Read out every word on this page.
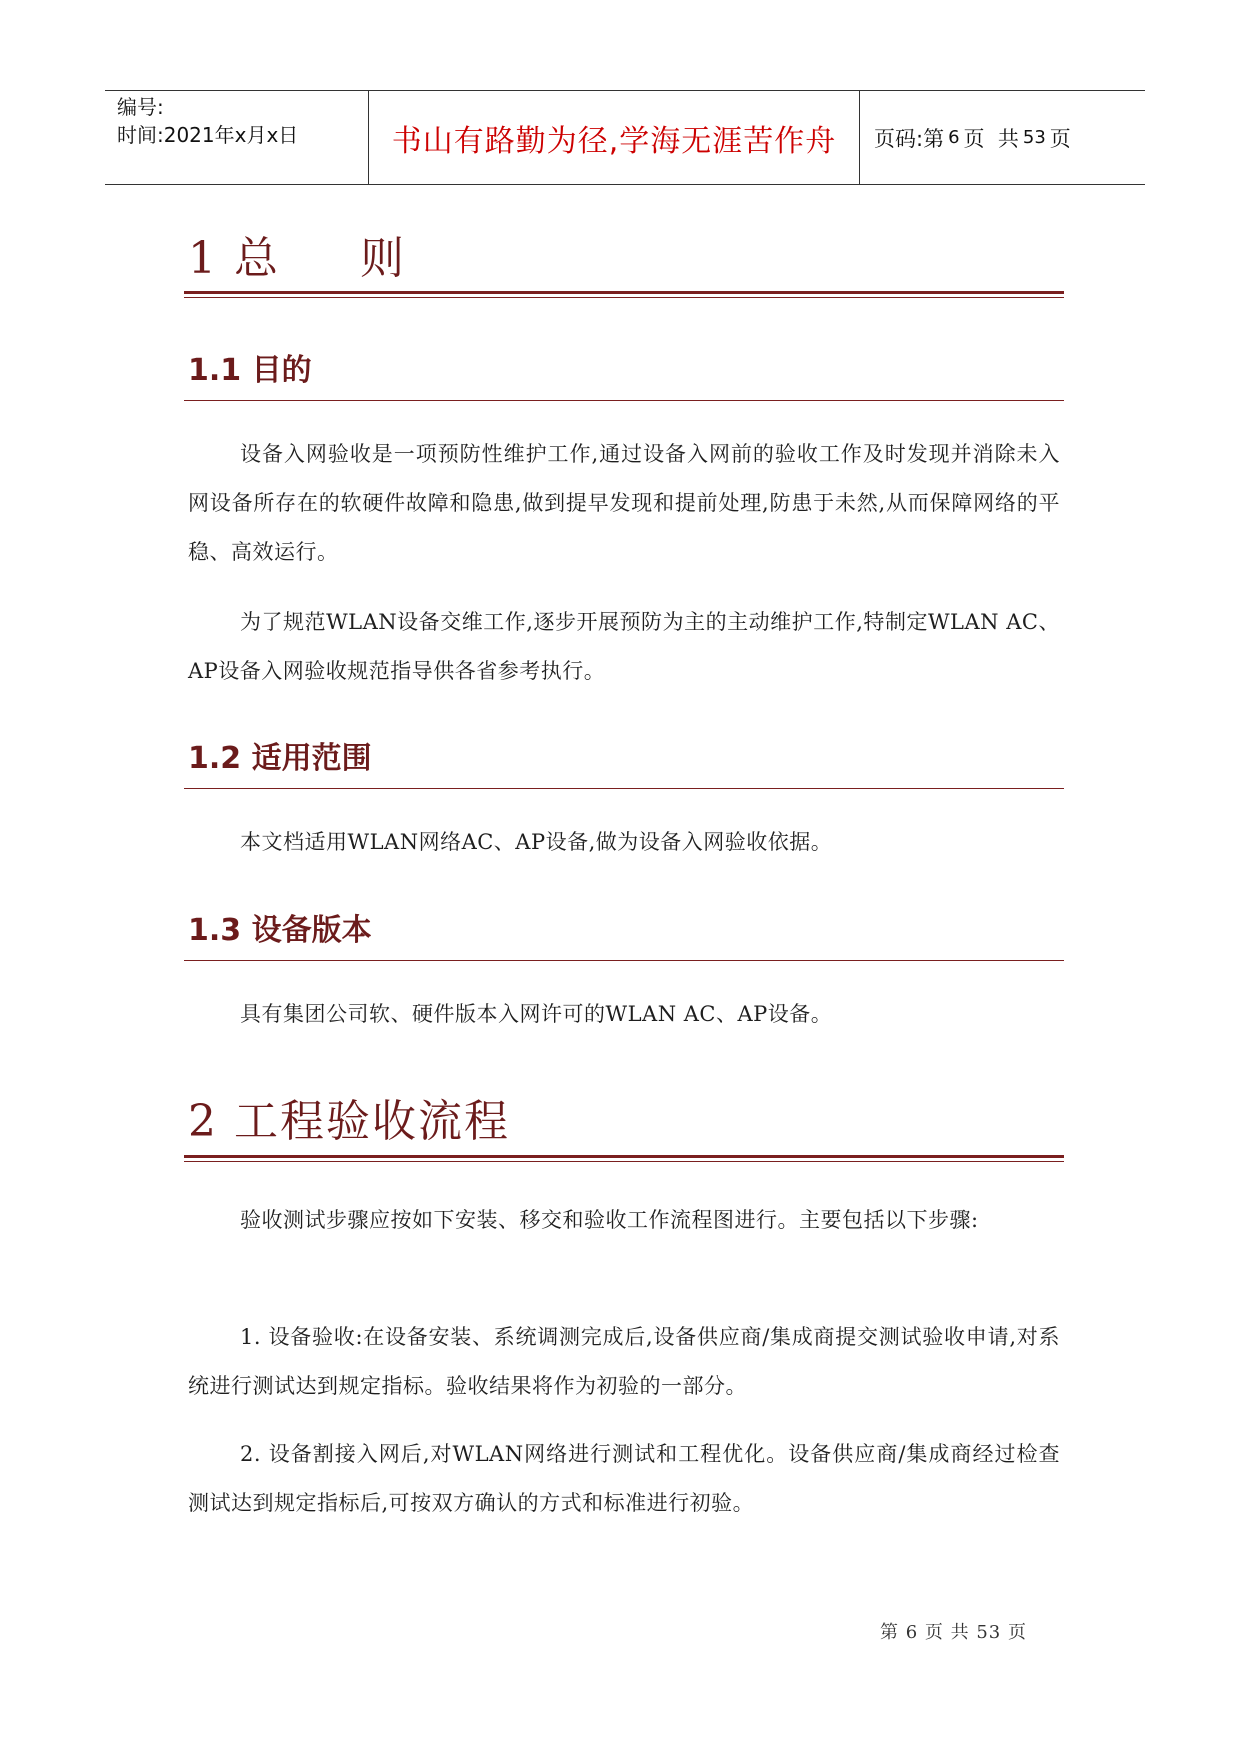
编号:
时间:2021年x月x日	书山有路勤为径,学海无涯苦作舟	页码:第 6 页  共 53 页
1 总 则
1.1 目的

设备入网验收是一项预防性维护工作,通过设备入网前的验收工作及时发现并消除未入网设备所存在的软硬件故障和隐患,做到提早发现和提前处理,防患于未然,从而保障网络的平稳、高效运行。

为了规范WLAN设备交维工作,逐步开展预防为主的主动维护工作,特制定WLAN AC、AP设备入网验收规范指导供各省参考执行。

1.2 适用范围

本文档适用WLAN网络AC、AP设备,做为设备入网验收依据。

1.3 设备版本

具有集团公司软、硬件版本入网许可的WLAN AC、AP设备。

2 工程验收流程

验收测试步骤应按如下安装、移交和验收工作流程图进行。主要包括以下步骤:

1. 设备验收:在设备安装、系统调测完成后,设备供应商/集成商提交测试验收申请,对系统进行测试达到规定指标。验收结果将作为初验的一部分。

2. 设备割接入网后,对WLAN网络进行测试和工程优化。设备供应商/集成商经过检查测试达到规定指标后,可按双方确认的方式和标准进行初验。

第 6 页 共 53 页
